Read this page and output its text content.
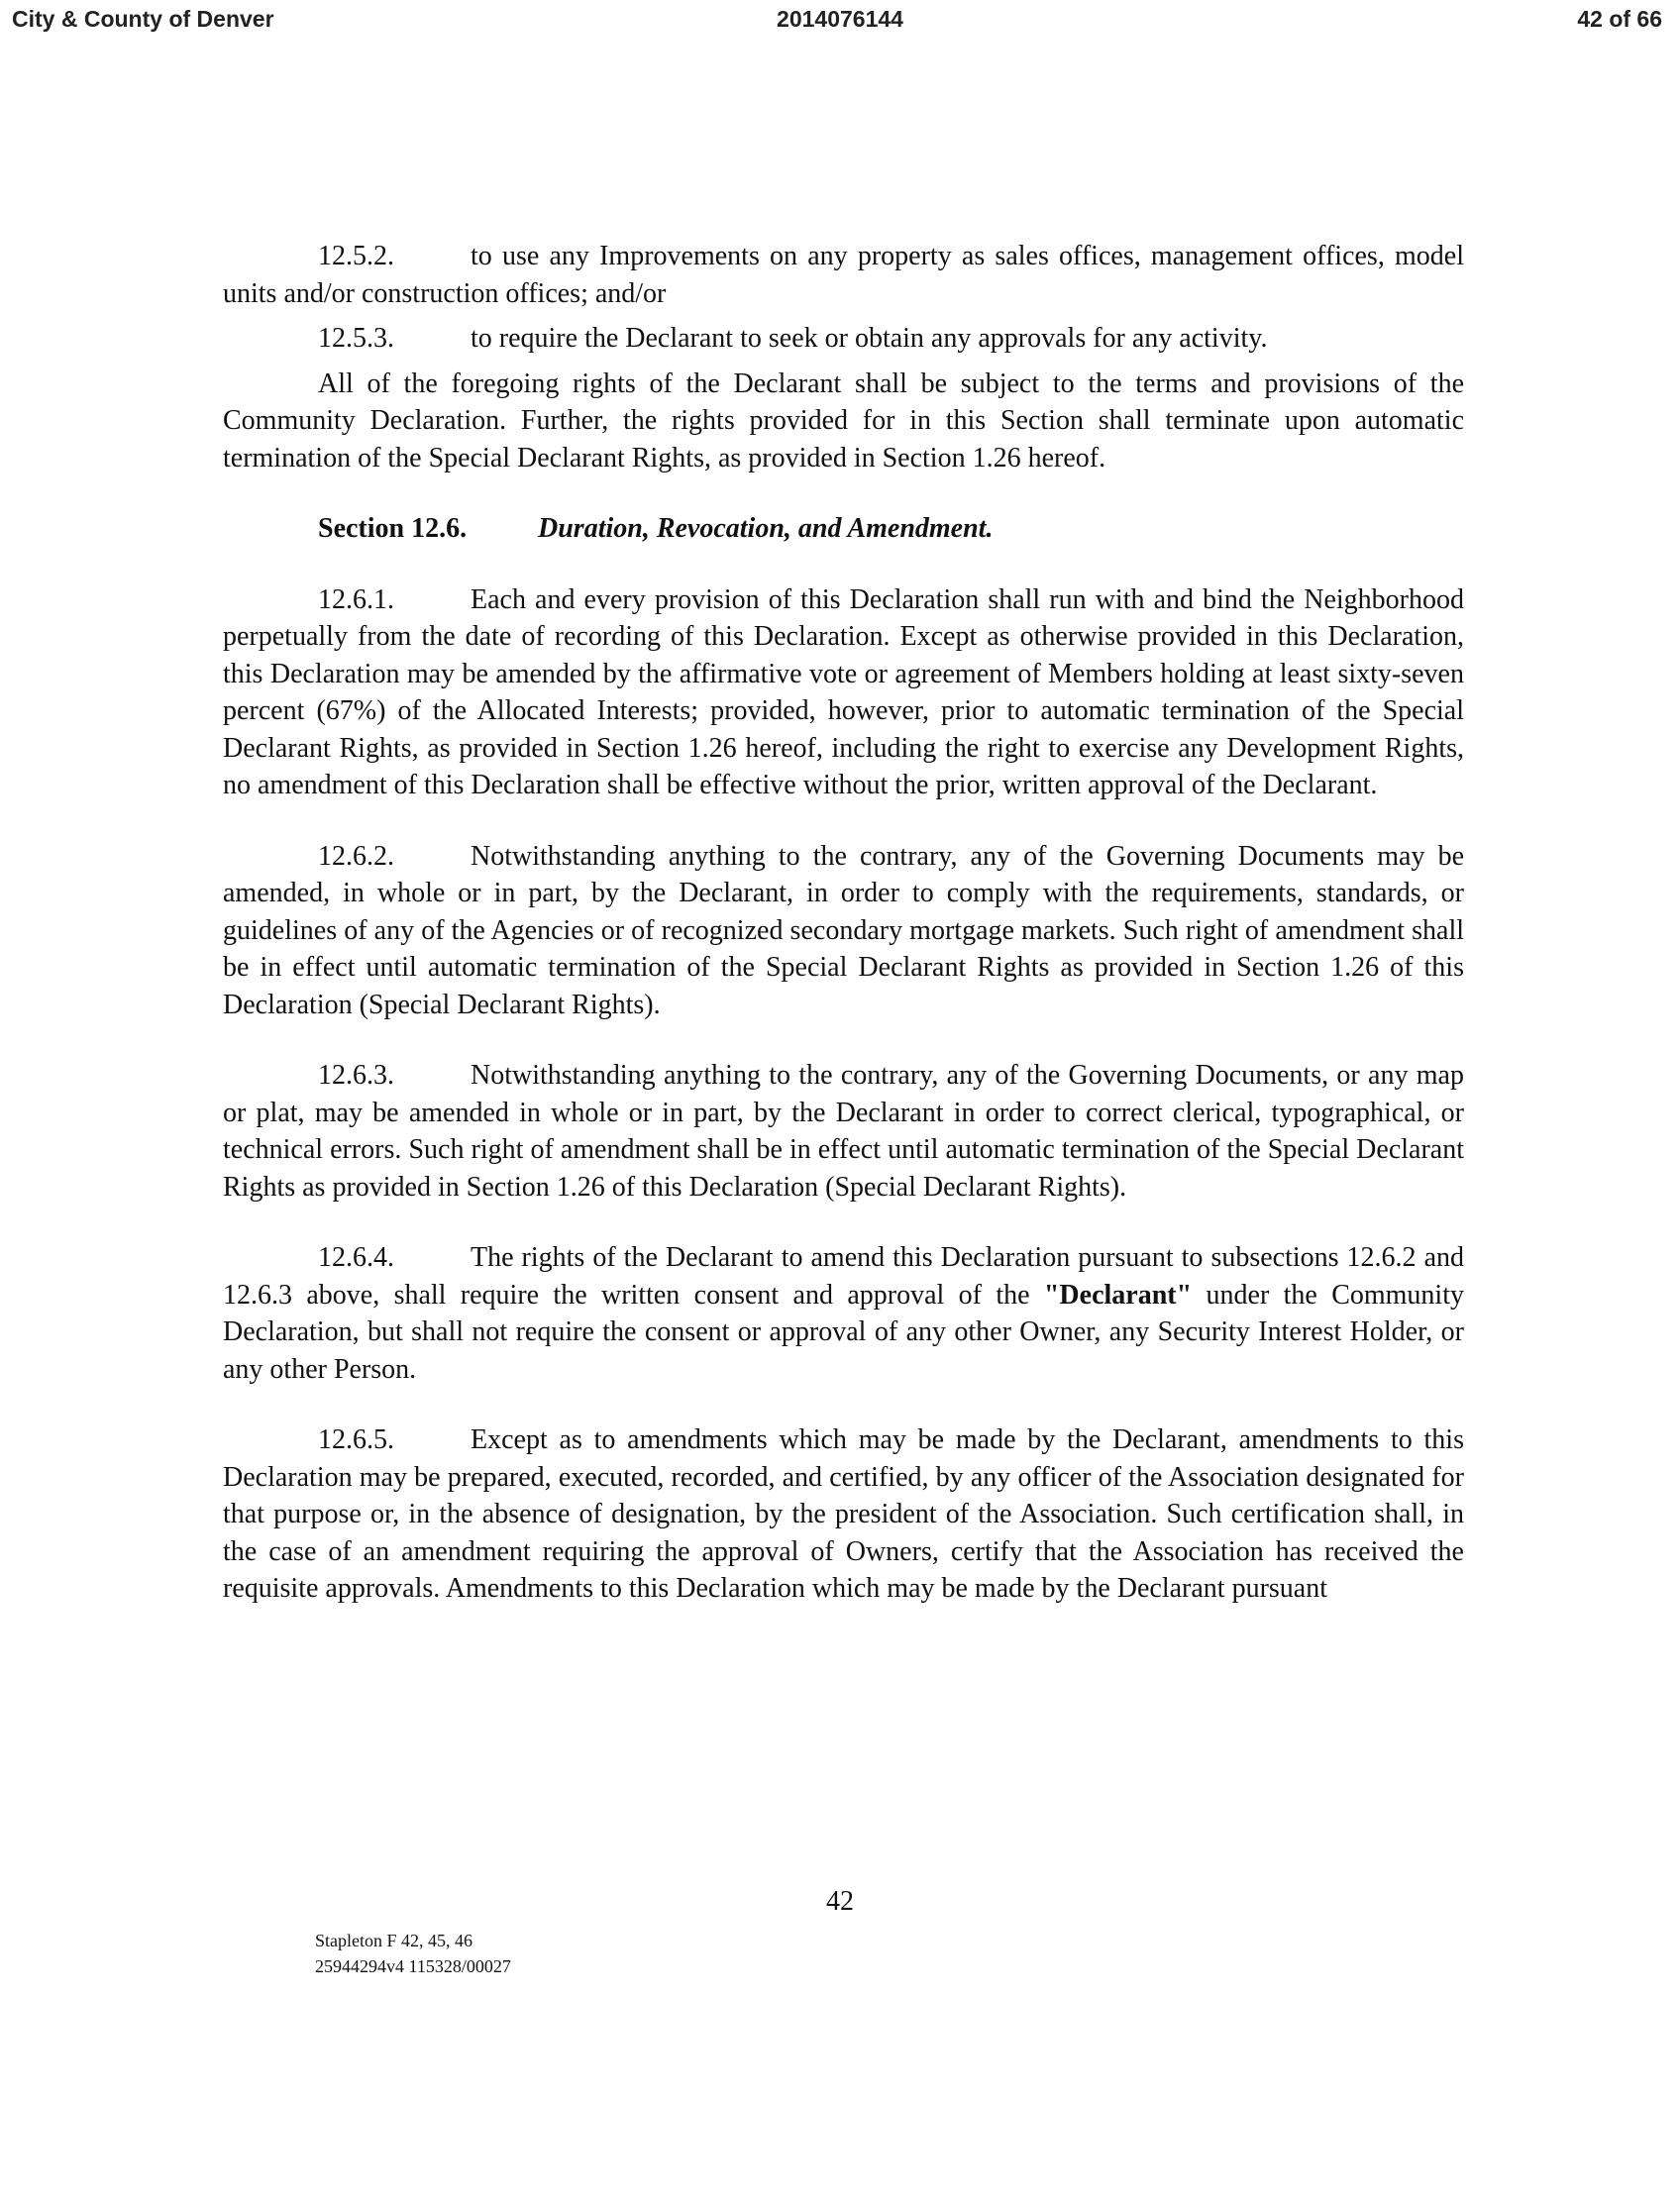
City & County of Denver	2014076144	42 of 66

12.5.2.	to use any Improvements on any property as sales offices, management offices, model units and/or construction offices; and/or

12.5.3.	to require the Declarant to seek or obtain any approvals for any activity.

All of the foregoing rights of the Declarant shall be subject to the terms and provisions of the Community Declaration. Further, the rights provided for in this Section shall terminate upon automatic termination of the Special Declarant Rights, as provided in Section 1.26 hereof.

Section 12.6.	Duration, Revocation, and Amendment.

12.6.1.	Each and every provision of this Declaration shall run with and bind the Neighborhood perpetually from the date of recording of this Declaration. Except as otherwise provided in this Declaration, this Declaration may be amended by the affirmative vote or agreement of Members holding at least sixty-seven percent (67%) of the Allocated Interests; provided, however, prior to automatic termination of the Special Declarant Rights, as provided in Section 1.26 hereof, including the right to exercise any Development Rights, no amendment of this Declaration shall be effective without the prior, written approval of the Declarant.

12.6.2.	Notwithstanding anything to the contrary, any of the Governing Documents may be amended, in whole or in part, by the Declarant, in order to comply with the requirements, standards, or guidelines of any of the Agencies or of recognized secondary mortgage markets. Such right of amendment shall be in effect until automatic termination of the Special Declarant Rights as provided in Section 1.26 of this Declaration (Special Declarant Rights).

12.6.3.	Notwithstanding anything to the contrary, any of the Governing Documents, or any map or plat, may be amended in whole or in part, by the Declarant in order to correct clerical, typographical, or technical errors. Such right of amendment shall be in effect until automatic termination of the Special Declarant Rights as provided in Section 1.26 of this Declaration (Special Declarant Rights).

12.6.4.	The rights of the Declarant to amend this Declaration pursuant to subsections 12.6.2 and 12.6.3 above, shall require the written consent and approval of the "Declarant" under the Community Declaration, but shall not require the consent or approval of any other Owner, any Security Interest Holder, or any other Person.

12.6.5.	Except as to amendments which may be made by the Declarant, amendments to this Declaration may be prepared, executed, recorded, and certified, by any officer of the Association designated for that purpose or, in the absence of designation, by the president of the Association. Such certification shall, in the case of an amendment requiring the approval of Owners, certify that the Association has received the requisite approvals. Amendments to this Declaration which may be made by the Declarant pursuant

42
Stapleton F 42, 45, 46
25944294v4 115328/00027
